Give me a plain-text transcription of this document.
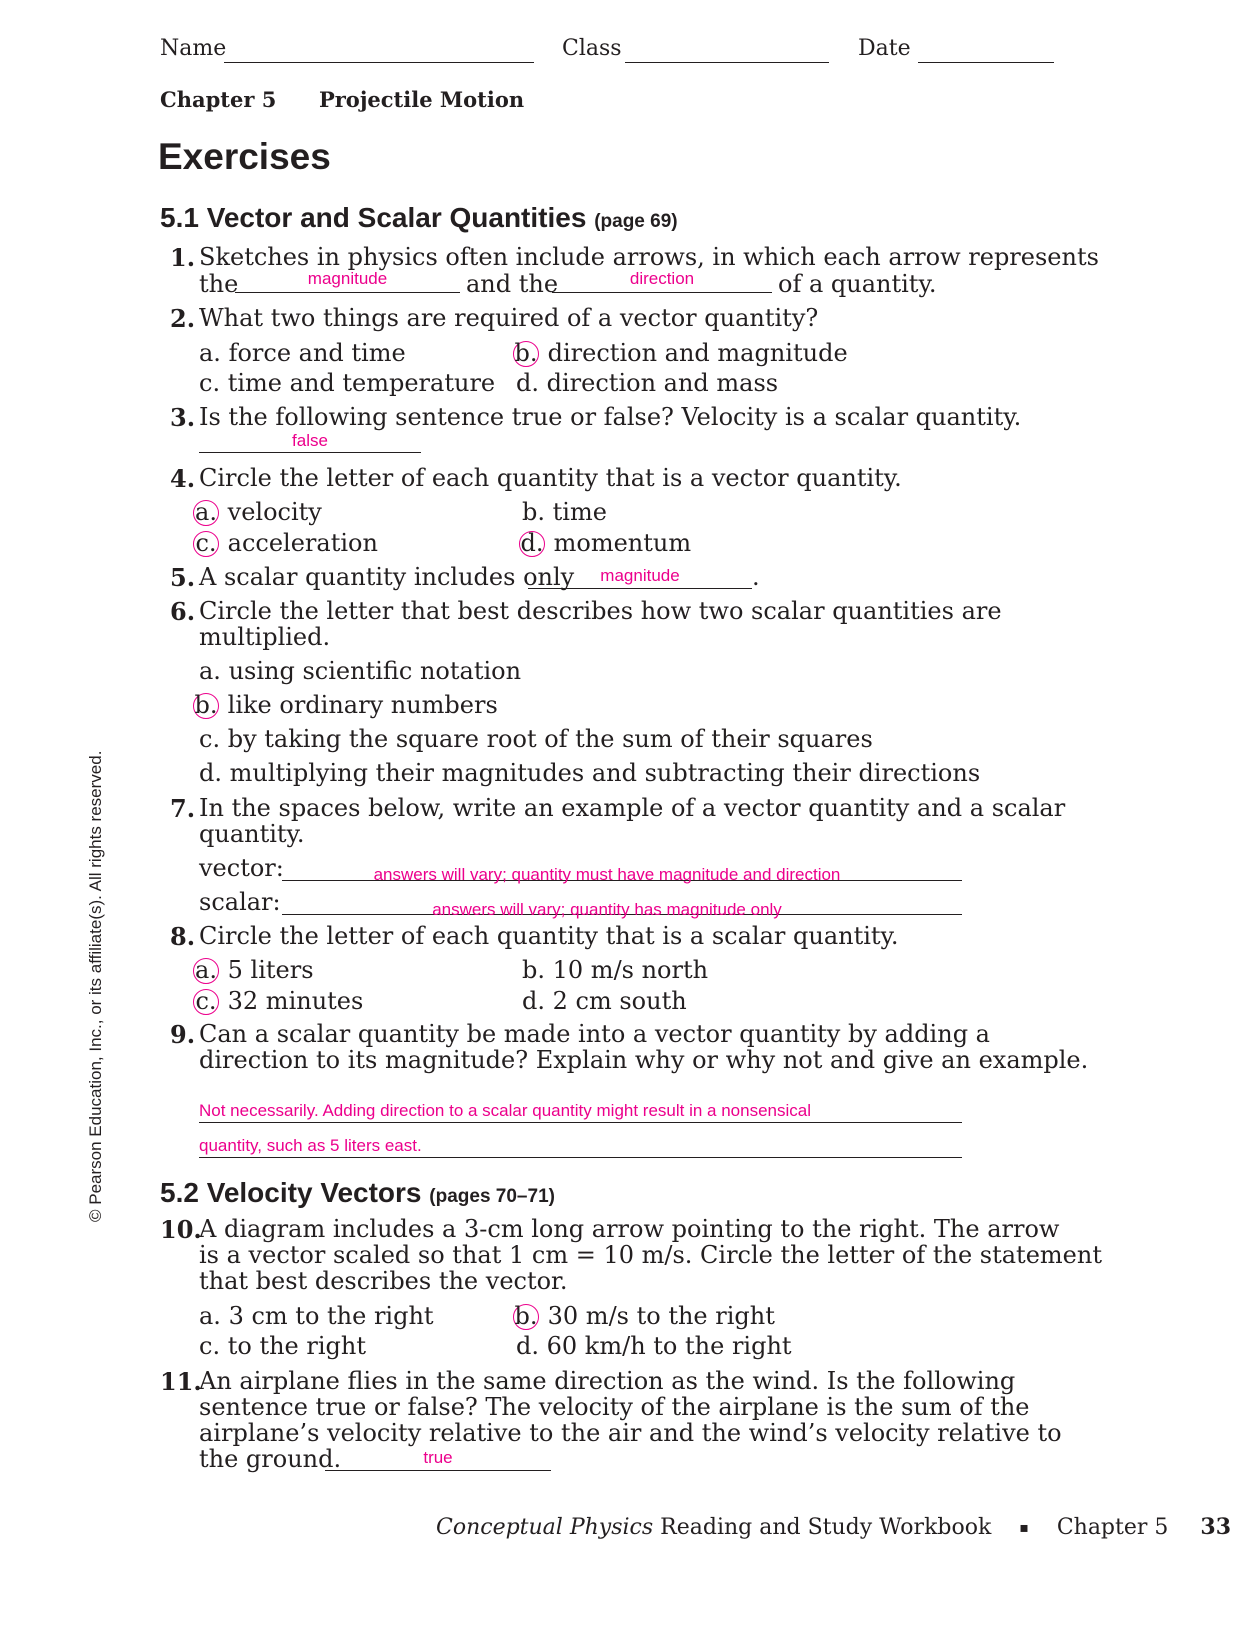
Name	Class	Date
Chapter 5 Projectile Motion
Exercises
5.1 Vector and Scalar Quantities (page 69)
1. Sketches in physics often include arrows, in which each arrow represents
the	magnitude	and the	direction	of a quantity.
2. What two things are required of a vector quantity?
a. force and time	b. direction and magnitude
c. time and temperature d. direction and mass
3. Is the following sentence true or false? Velocity is a scalar quantity.
false
4. Circle the letter of each quantity that is a vector quantity.
a. velocity	b. time
c. acceleration	d. momentum
5. A scalar quantity includes only	magnitude	.
6. Circle the letter that best describes how two scalar quantities are
multiplied.
a. using scientific notation
b. like ordinary numbers
c. by taking the square root of the sum of their squares
d. multiplying their magnitudes and subtracting their directions
7. In the spaces below, write an example of a vector quantity and a scalar
quantity.
vector:	answers will vary; quantity must have magnitude and direction
scalar:	answers will vary; quantity has magnitude only
8. Circle the letter of each quantity that is a scalar quantity.
a. 5 liters	b. 10 m/s north
c. 32 minutes	d. 2 cm south
9. Can a scalar quantity be made into a vector quantity by adding a
direction to its magnitude? Explain why or why not and give an example.
Not necessarily. Adding direction to a scalar quantity might result in a nonsensical
quantity, such as 5 liters east.
5.2 Velocity Vectors (pages 70–71)
10.
A diagram includes a 3-cm long arrow pointing to the right. The arrow
is a vector scaled so that 1 cm = 10 m/s. Circle the letter of the statement
that best describes the vector.
a. 3 cm to the right	b. 30 m/s to the right
c. to the right	d. 60 km/h to the right
11.
An airplane flies in the same direction as the wind. Is the following
sentence true or false? The velocity of the airplane is the sum of the
airplane’s velocity relative to the air and the wind’s velocity relative to
the ground.	true
Conceptual Physics Reading and Study Workbook ▪ Chapter 5 33
© Pearson Education, Inc., or its affiliate(s). All rights reserved.
